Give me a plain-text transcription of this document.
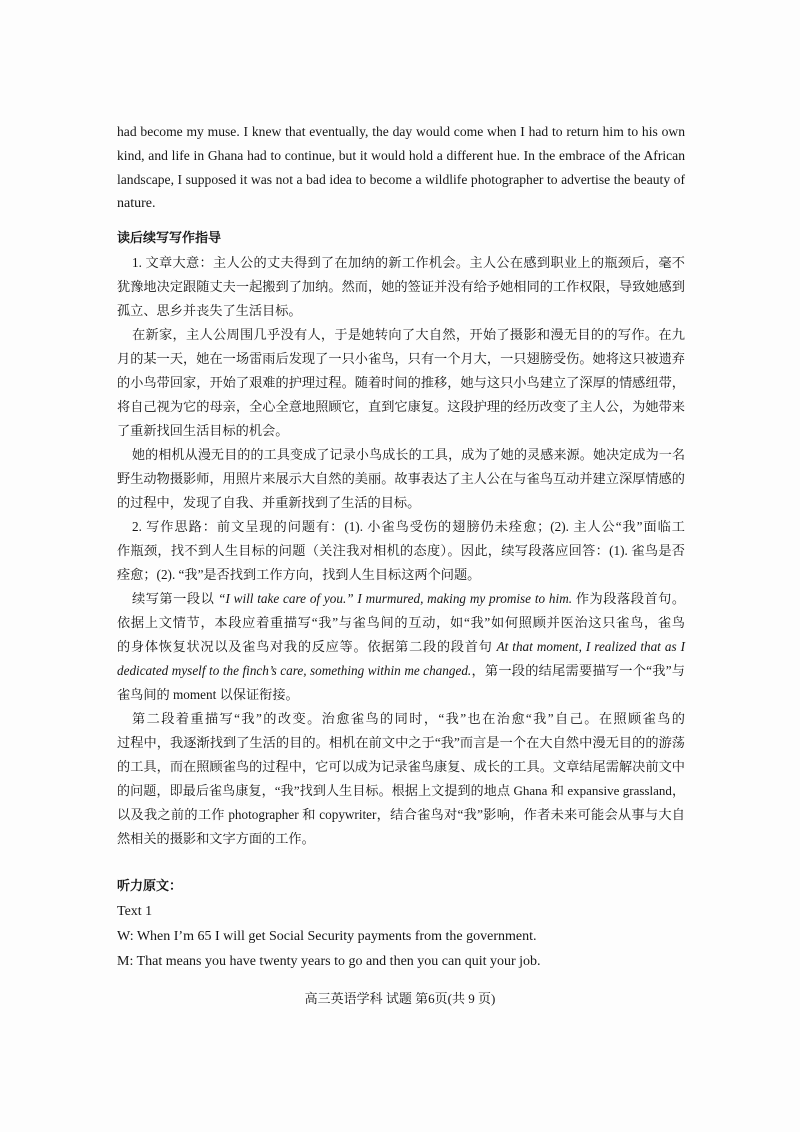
had become my muse. I knew that eventually, the day would come when I had to return him to his own
kind, and life in Ghana had to continue, but it would hold a different hue. In the embrace of the African
landscape, I supposed it was not a bad idea to become a wildlife photographer to advertise the beauty of
nature.
读后续写写作指导
1. 文章大意：主人公的丈夫得到了在加纳的新工作机会。主人公在感到职业上的瓶颈后，毫不
犹豫地决定跟随丈夫一起搬到了加纳。然而，她的签证并没有给予她相同的工作权限，导致她感到
孤立、思乡并丧失了生活目标。
在新家，主人公周围几乎没有人，于是她转向了大自然，开始了摄影和漫无目的的写作。在九
月的某一天，她在一场雷雨后发现了一只小雀鸟，只有一个月大，一只翅膀受伤。她将这只被遗弃
的小鸟带回家，开始了艰难的护理过程。随着时间的推移，她与这只小鸟建立了深厚的情感纽带，
将自己视为它的母亲，全心全意地照顾它，直到它康复。这段护理的经历改变了主人公，为她带来
了重新找回生活目标的机会。
她的相机从漫无目的的工具变成了记录小鸟成长的工具，成为了她的灵感来源。她决定成为一名
野生动物摄影师，用照片来展示大自然的美丽。故事表达了主人公在与雀鸟互动并建立深厚情感的
的过程中，发现了自我、并重新找到了生活的目标。
2. 写作思路：前文呈现的问题有：(1). 小雀鸟受伤的翅膀仍未痊愈；(2). 主人公“我”面临工
作瓶颈，找不到人生目标的问题（关注我对相机的态度）。因此，续写段落应回答：(1). 雀鸟是否
痊愈；(2). “我”是否找到工作方向，找到人生目标这两个问题。
续写第一段以 “I will take care of you.” I murmured, making my promise to him. 作为段落段首句。
依据上文情节，本段应着重描写“我”与雀鸟间的互动，如“我”如何照顾并医治这只雀鸟，雀鸟
的身体恢复状况以及雀鸟对我的反应等。依据第二段的段首句 At that moment, I realized that as I
dedicated myself to the finch’s care, something within me changed.，第一段的结尾需要描写一个“我”与
雀鸟间的 moment 以保证衔接。
第二段着重描写“我”的改变。治愈雀鸟的同时，“我”也在治愈“我”自己。在照顾雀鸟的
过程中，我逐渐找到了生活的目的。相机在前文中之于“我”而言是一个在大自然中漫无目的的游荡
的工具，而在照顾雀鸟的过程中，它可以成为记录雀鸟康复、成长的工具。文章结尾需解决前文中
的问题，即最后雀鸟康复，“我”找到人生目标。根据上文提到的地点 Ghana 和 expansive grassland，
以及我之前的工作 photographer 和 copywriter，结合雀鸟对“我”影响，作者未来可能会从事与大自
然相关的摄影和文字方面的工作。
听力原文：
Text 1
W: When I’m 65 I will get Social Security payments from the government.
M: That means you have twenty years to go and then you can quit your job.
高三英语学科 试题 第6页(共 9 页)
